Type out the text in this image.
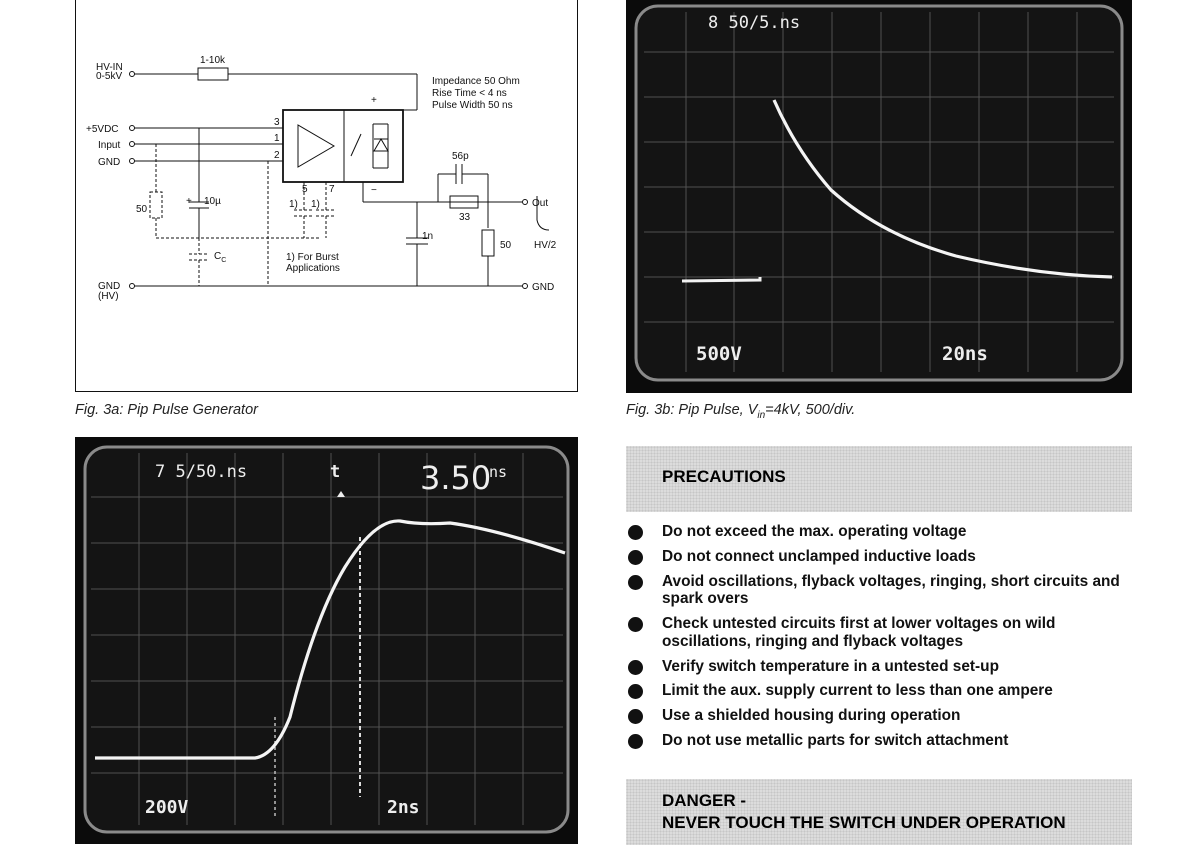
HV-IN
0-5kV
1-10k
+5VDC
Input
GND
GND
(HV)
3
1
2
5 7
+
−
Impedance 50 Ohm
Rise Time < 4 ns
Pulse Width 50 ns
56p
33
50
1n
Out
HV/2
GND
50
10µ
+	1) 1)
$C_C$	1) For Burst
Applications
Fig. 3a: Pip Pulse Generator
8 50/5.ns
500V	20ns
Fig. 3b: Pip Pulse, $V_{in}=4kV$, 500/div.
7 5/50.ns	t 3.50
ns
200V	2ns
PRECAUTIONS
Do not exceed the max. operating voltage
Do not connect unclamped inductive loads
Avoid oscillations, flyback voltages, ringing, short circuits and spark overs
Check untested circuits first at lower voltages on wild oscillations, ringing and flyback voltages
Verify switch temperature in a untested set-up
Limit the aux. supply current to less than one ampere
Use a shielded housing during operation
Do not use metallic parts for switch attachment
DANGER -
NEVER TOUCH THE SWITCH UNDER OPERATION
